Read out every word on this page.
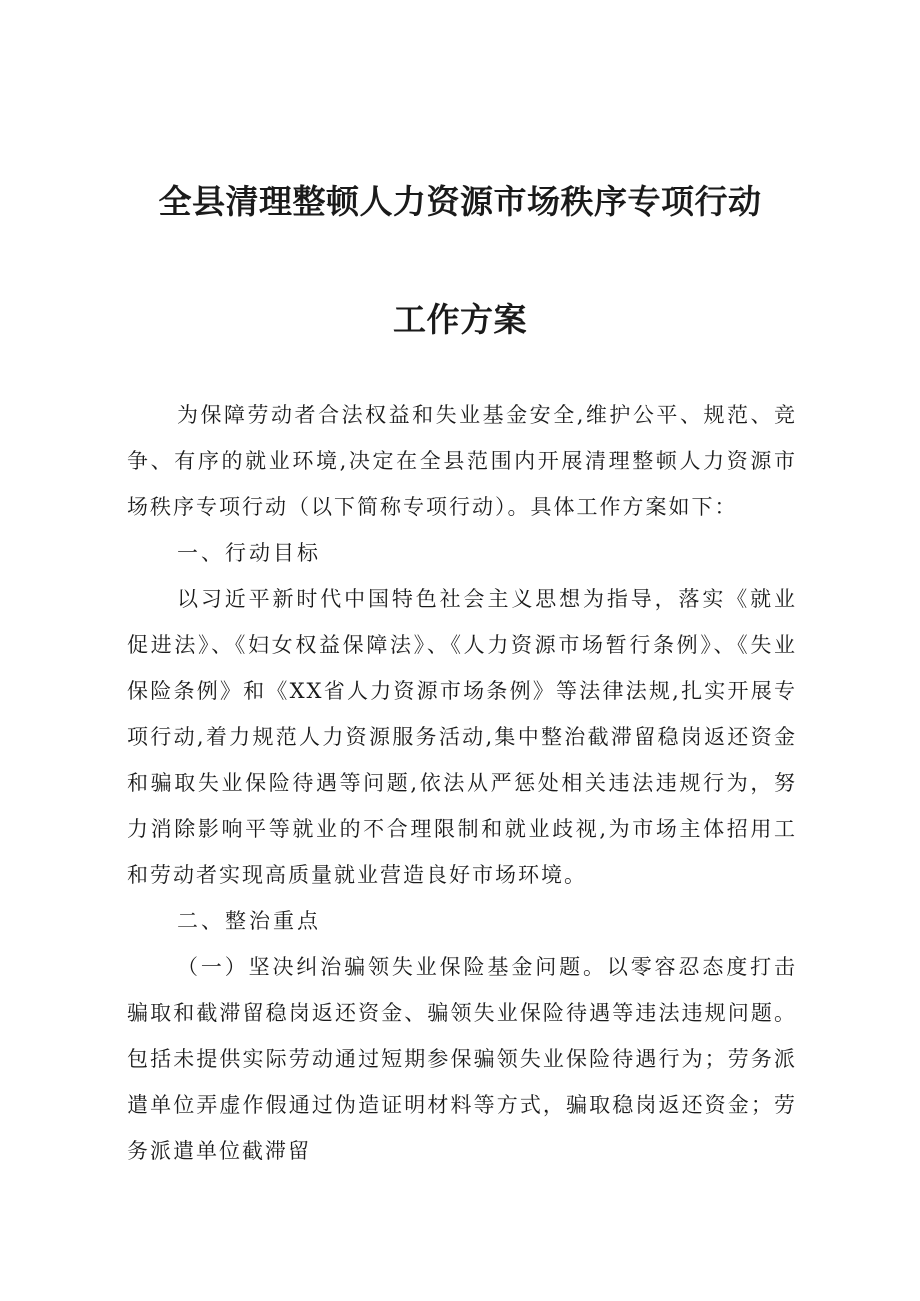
全县清理整顿人力资源市场秩序专项行动
工作方案

为保障劳动者合法权益和失业基金安全,维护公平、规范、竞争、有序的就业环境,决定在全县范围内开展清理整顿人力资源市场秩序专项行动（以下简称专项行动）。具体工作方案如下：

一、行动目标

以习近平新时代中国特色社会主义思想为指导，落实《就业促进法》、《妇女权益保障法》、《人力资源市场暂行条例》、《失业保险条例》和《XX省人力资源市场条例》等法律法规,扎实开展专项行动,着力规范人力资源服务活动,集中整治截滞留稳岗返还资金和骗取失业保险待遇等问题,依法从严惩处相关违法违规行为，努力消除影响平等就业的不合理限制和就业歧视,为市场主体招用工和劳动者实现高质量就业营造良好市场环境。

二、整治重点

（一）坚决纠治骗领失业保险基金问题。以零容忍态度打击骗取和截滞留稳岗返还资金、骗领失业保险待遇等违法违规问题。包括未提供实际劳动通过短期参保骗领失业保险待遇行为；劳务派遣单位弄虚作假通过伪造证明材料等方式，骗取稳岗返还资金；劳务派遣单位截滞留
